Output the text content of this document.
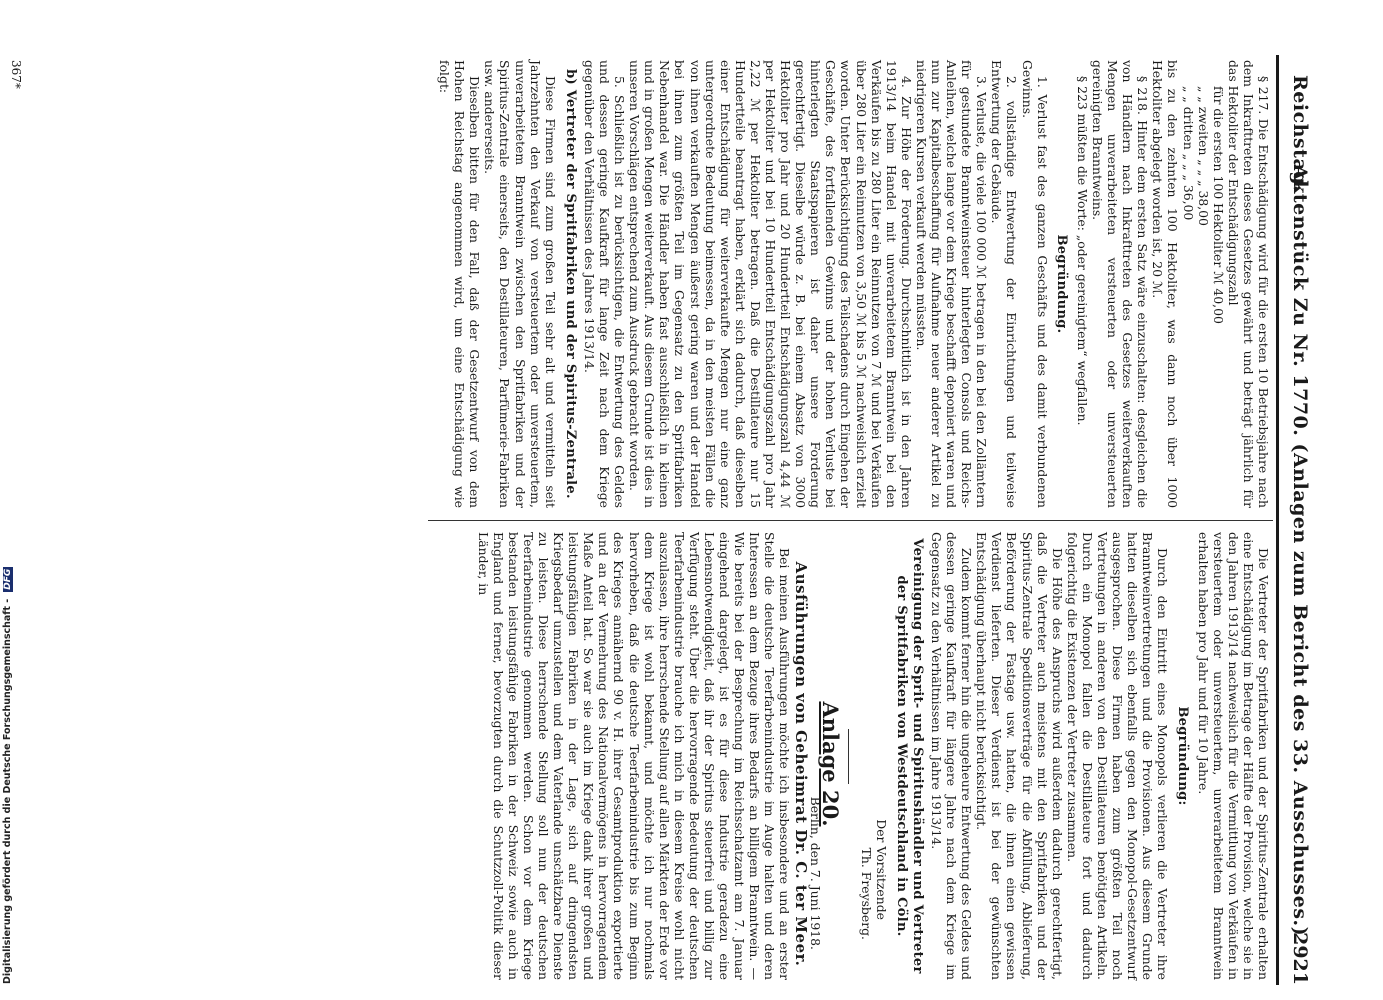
Reichstag.
Aktenstück Zu Nr. 1770. (Anlagen zum Bericht des 33. Ausschusses.)
2921

§ 217. Die Entschädigung wird für die ersten 10 Betriebsjahre nach dem Inkrafttreten dieses Gesetzes gewährt und beträgt jährlich für das Hektoliter der Entschädigungszahl

für die ersten 100 Hektoliter ℳ 40,00

„ „ zweiten „ „ „ 38,00

„ „ dritten „ „ „ 36,00

bis zu den zehnten 100 Hektoliter, was dann noch über 1000 Hektoliter abgelegt worden ist, 20 ℳ.

§ 218. Hinter dem ersten Satz wäre einzuschalten: desgleichen die von Händlern nach Inkrafttreten des Gesetzes weiterverkauften Mengen unverarbeiteten versteuerten oder unversteuerten gereinigten Branntweins.

§ 223 müßten die Worte: „oder gereinigtem“ wegfallen.

Begründung.

1. Verlust fast des ganzen Geschäfts und des damit verbundenen Gewinns.

2. vollständige Entwertung der Einrichtungen und teilweise Entwertung der Gebäude.

3. Verluste, die viele 100 000 ℳ betragen in den bei den Zollämtern für gestundete Branntweinsteuer hinterlegten Consols und Reichs-Anleihen, welche lange vor dem Kriege beschafft deponiert waren und nun zur Kapitalbeschaffung für Aufnahme neuer anderer Artikel zu niedrigeren Kursen verkauft werden müssten.

4. Zur Höhe der Forderung. Durchschnittlich ist in den Jahren 1913/14 beim Handel mit unverarbeitetem Branntwein bei den Verkäufen bis zu 280 Liter ein Reinnutzen von 7 ℳ und bei Verkäufen über 280 Liter ein Reinnutzen von 3,50 ℳ bis 5 ℳ nachweislich erzielt worden. Unter Berücksichtigung des Teilschadens durch Eingehen der Geschäfte, des fortfallenden Gewinns und der hohen Verluste bei hinterlegten Staatspapieren ist daher unsere Forderung gerechtfertigt. Dieselbe würde z. B. bei einem Absatz von 3000 Hektoliter pro Jahr und 20 Hundertteil Entschädigungszahl 4,44 ℳ per Hektoliter und bei 10 Hundertteil Entschädigungszahl pro Jahr 2,22 ℳ per Hektoliter betragen. Daß die Destillateure nur 15 Hundertteile beantragt haben, erklärt sich dadurch, daß dieselben einer Entschädigung für weiterverkaufte Mengen nur eine ganz untergeordnete Bedeutung beimessen, da in den meisten Fällen die von ihnen verkauften Mengen äußerst gering waren und der Handel bei ihnen zum größten Teil im Gegensatz zu den Spritfabriken Nebenhandel war. Die Händler haben fast ausschließlich in kleinen und in großen Mengen weiterverkauft. Aus diesem Grunde ist dies in unseren Vorschlägen entsprechend zum Ausdruck gebracht worden.

5. Schließlich ist zu berücksichtigen, die Entwertung des Geldes und dessen geringe Kaufkraft für lange Zeit nach dem Kriege gegenüber den Verhältnissen des Jahres 1913/14.

b) Vertreter der Spritfabriken und der Spiritus-Zentrale.

Diese Firmen sind zum großen Teil sehr alt und vermitteln seit Jahrzehnten den Verkauf von versteuertem oder unversteuertem, unverarbeitetem Branntwein zwischen den Spritfabriken und der Spiritus-Zentrale einerseits, den Destillateuren, Parfümerie-Fabriken usw. andererseits.

Dieselben bitten für den Fall, daß der Gesetzentwurf von dem Hohen Reichstag angenommen wird, um eine Entschädigung wie folgt:

Die Vertreter der Spritfabriken und der Spiritus-Zentrale erhalten eine Entschädigung im Betrage der Hälfte der Provision, welche sie in den Jahren 1913/14 nachweislich für die Vermittlung von Verkäufen in versteuertem oder unversteuertem, unverarbeitetem Branntwein erhalten haben pro Jahr und für 10 Jahre.

Begründung:

Durch den Eintritt eines Monopols verlieren die Vertreter ihre Branntweinvertretungen und die Provisionen. Aus diesem Grunde hatten dieselben sich ebenfalls gegen den Monopol-Gesetzentwurf ausgesprochen. Diese Firmen haben zum größten Teil noch Vertretungen in anderen von den Destillateuren benötigten Artikeln. Durch ein Monopol fallen die Destillateure fort und dadurch folgerichtig die Existenzen der Vertreter zusammen.

Die Höhe des Anspruchs wird außerdem dadurch gerechtfertigt, daß die Vertreter auch meistens mit den Spritfabriken und der Spiritus-Zentrale Speditionsverträge für die Abfüllung, Ablieferung, Beförderung der Fastage usw. hatten, die ihnen einen gewissen Verdienst lieferten. Dieser Verdienst ist bei der gewünschten Entschädigung überhaupt nicht berücksichtigt.

Zudem kommt ferner hin die ungeheure Entwertung des Geldes und dessen geringe Kaufkraft für längere Jahre nach dem Kriege im Gegensatz zu den Verhältnissen im Jahre 1913/14.

Vereinigung der Sprit- und Spiritushändler und Vertreter der Spritfabriken von Westdeutschland in Cöln.

Der Vorsitzende

Th. Freysberg.

Anlage 20.

Berlin, den 7. Juni 1918.

Ausführungen von Geheimrat Dr. C. ter Meer.

Bei meinen Ausführungen möchte ich insbesondere und an erster Stelle die deutsche Teerfarbenindustrie im Auge halten und deren Interessen an dem Bezuge ihres Bedarfs an billigem Branntwein. — Wie bereits bei der Besprechung im Reichsschatzamt am 7. Januar eingehend dargelegt, ist es für diese Industrie geradezu eine Lebensnotwendigkeit, daß ihr der Spiritus steuerfrei und billig zur Verfügung steht. Über die hervorragende Bedeutung der deutschen Teerfarbenindustrie brauche ich mich in diesem Kreise wohl nicht auszulassen, ihre herrschende Stellung auf allen Märkten der Erde vor dem Kriege ist wohl bekannt, und möchte ich nur nochmals hervorheben, daß die deutsche Teerfarbenindustrie bis zum Beginn des Krieges annähernd 90 v. H. ihrer Gesamtproduktion exportierte und an der Vermehrung des Nationalvermögens in hervorragendem Maße Anteil hat. So war sie auch im Kriege dank ihrer großen und leistungsfähigen Fabriken in der Lage, sich auf dringendsten Kriegsbedarf umzustellen und dem Vaterlande unschätzbare Dienste zu leisten. Diese herrschende Stellung soll nun der deutschen Teerfarbenindustrie genommen werden. Schon vor dem Kriege bestanden leistungsfähige Fabriken in der Schweiz sowie auch in England und ferner, bevorzugten durch die Schutzzoll-Politik dieser Länder, in

367*
Digitalisierung gefördert durch die Deutsche Forschungsgemeinschaft - DFG
